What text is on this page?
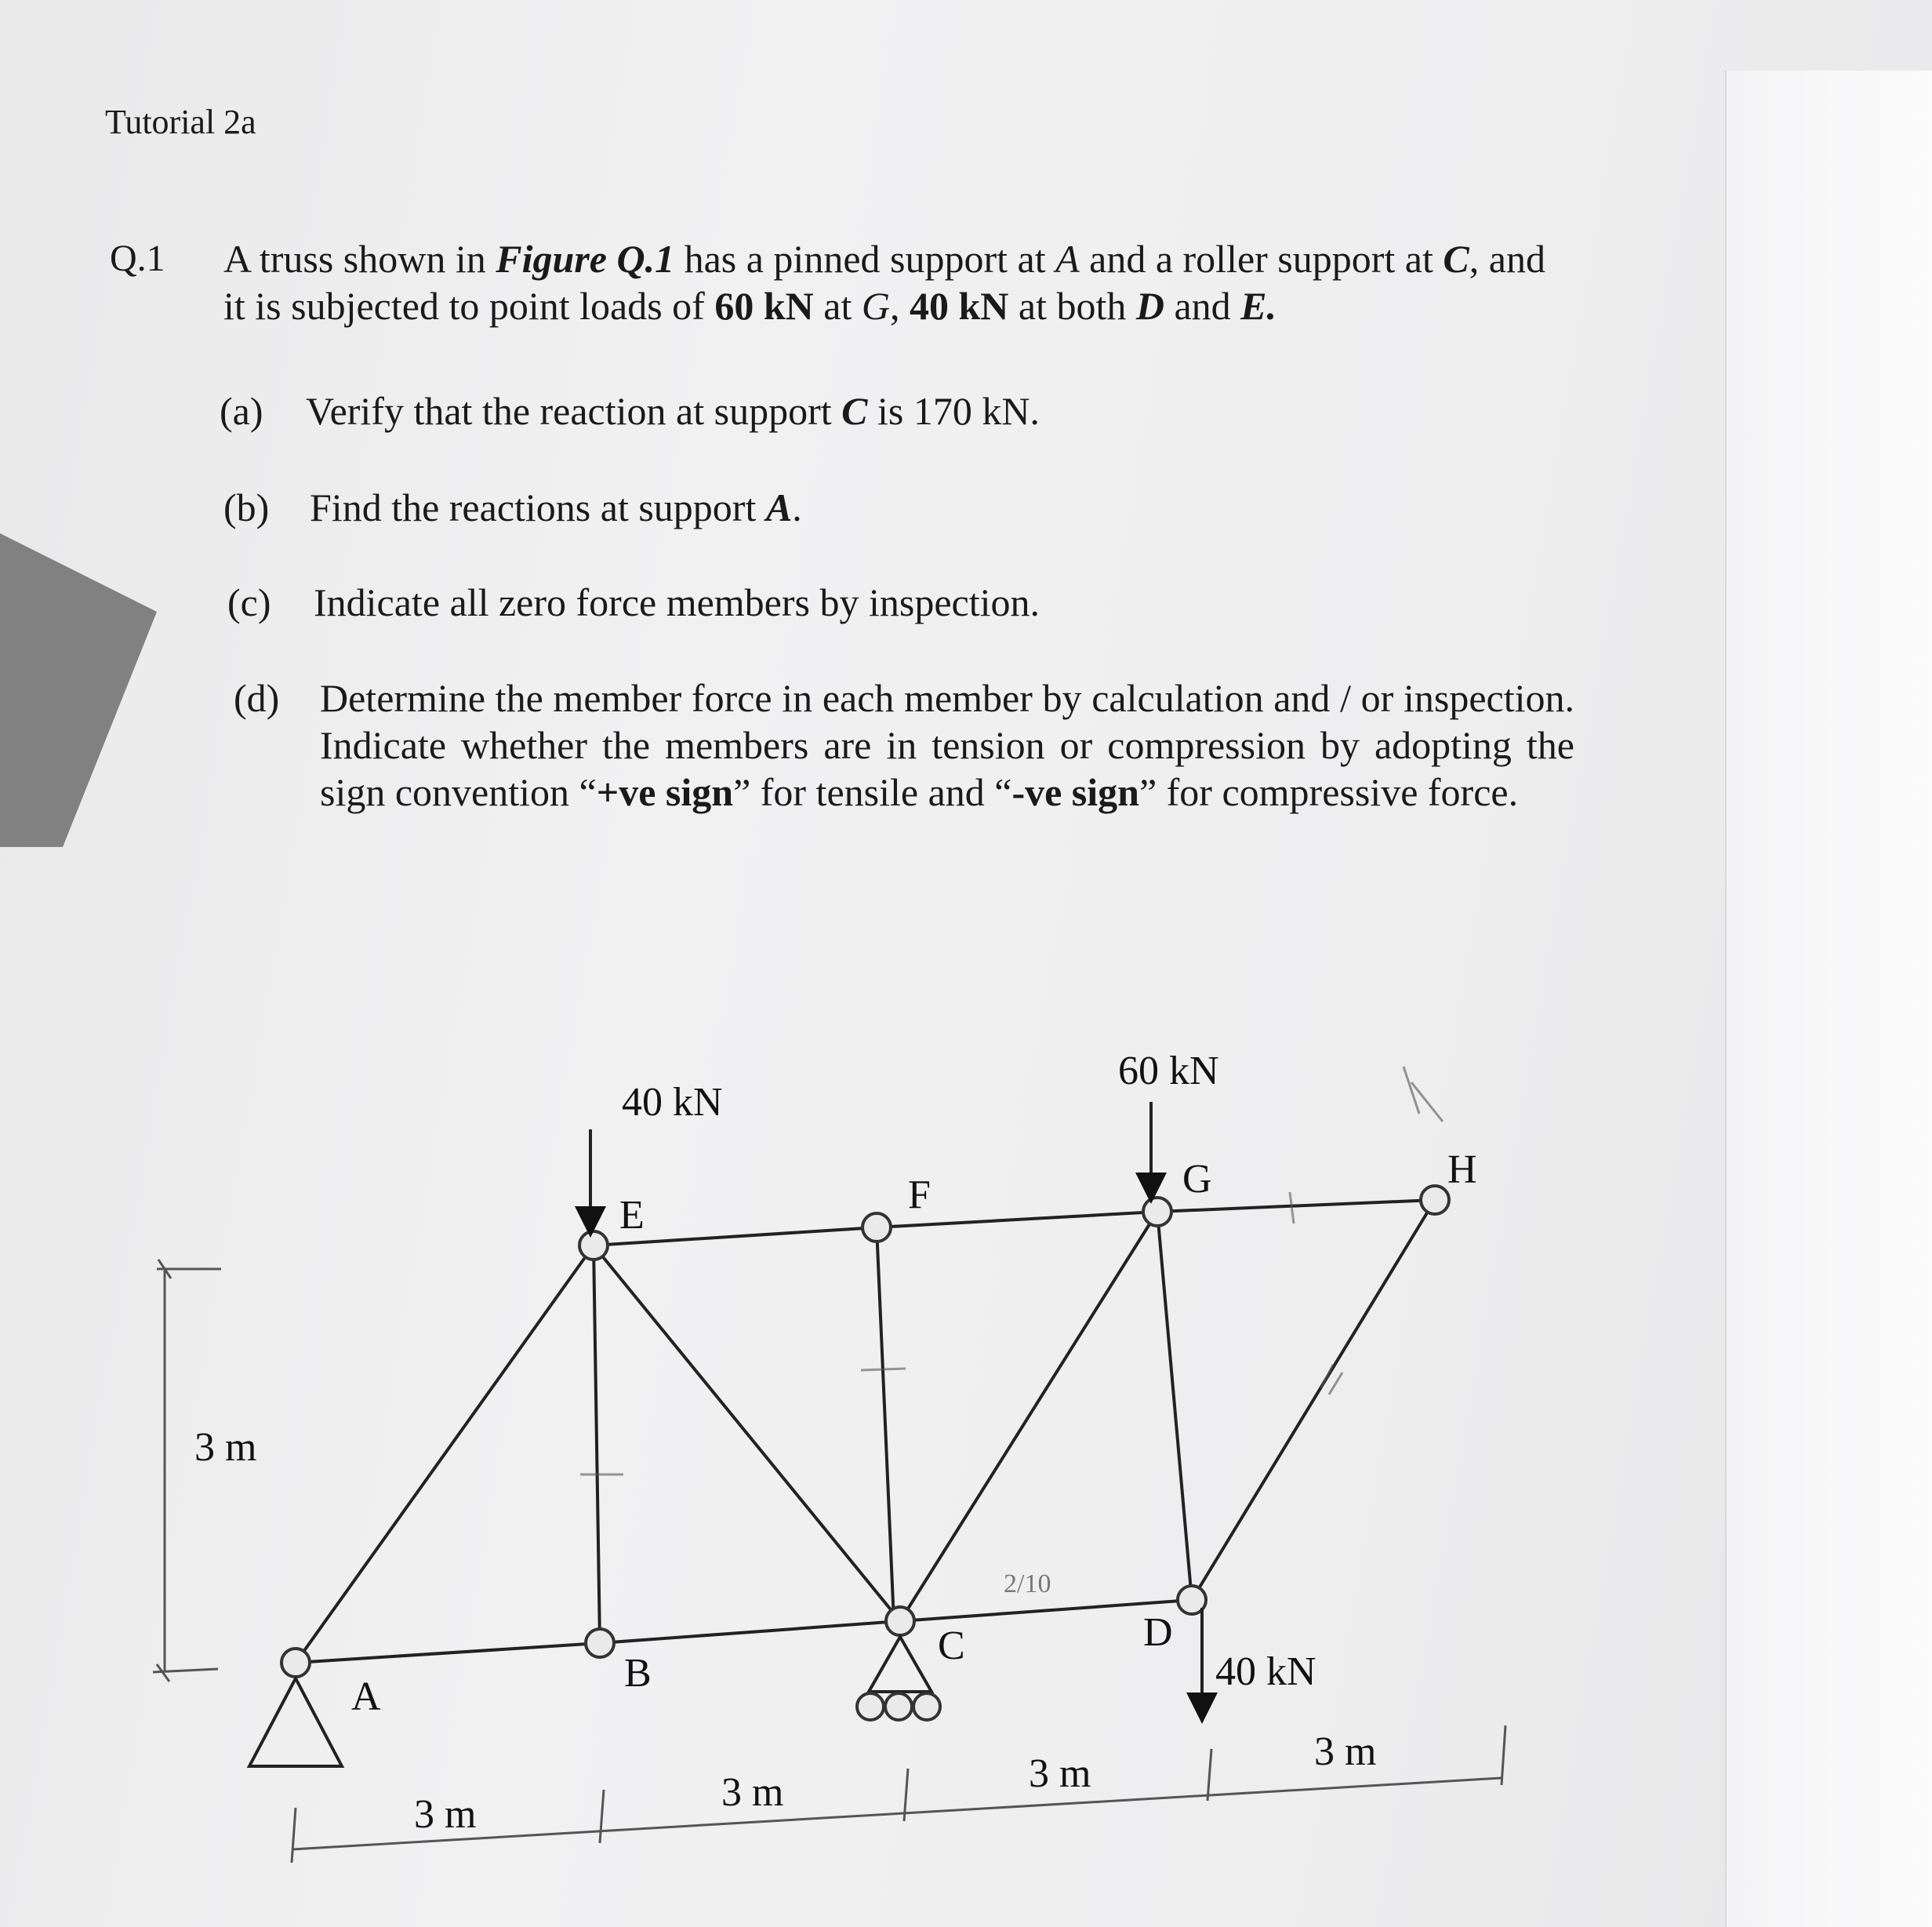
Tutorial 2a
Q.1 A truss shown in Figure Q.1 has a pinned support at A and a roller support at C, and it is subjected to point loads of 60 kN at G, 40 kN at both D and E.
(a) Verify that the reaction at support C is 170 kN.
(b) Find the reactions at support A.
(c) Indicate all zero force members by inspection.
(d) Determine the member force in each member by calculation and / or inspection. Indicate whether the members are in tension or compression by adopting the sign convention “+ve sign” for tensile and “-ve sign” for compressive force.
A
B
C	D
E	F	G	H
40 kN
60 kN
40 kN
3 m
3 m	3 m	3 m	3 m
2/10
